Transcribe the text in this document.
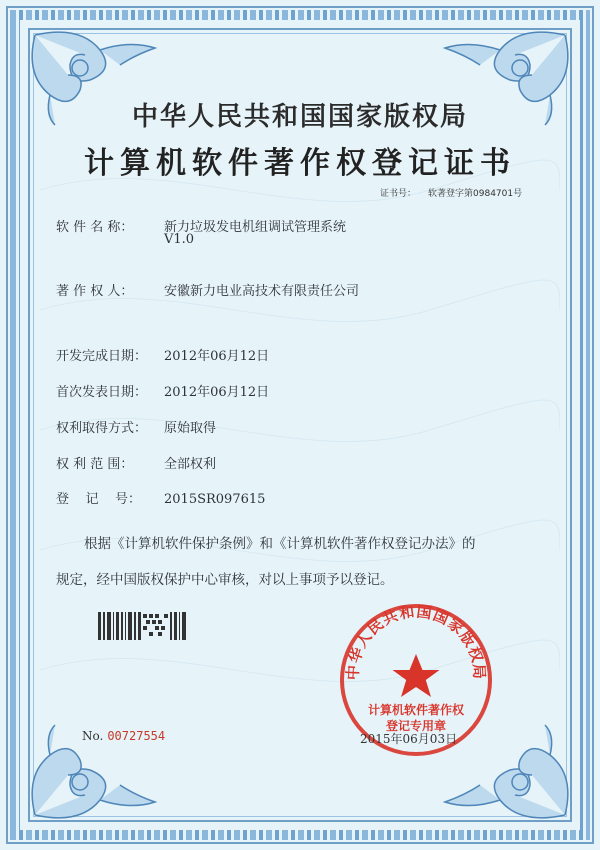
中华人民共和国国家版权局
计算机软件著作权登记证书
证书号： 软著登字第0984701号
软 件 名 称： 新力垃圾发电机组调试管理系统
V1.0
著 作 权 人： 安徽新力电业高技术有限责任公司
开发完成日期： 2012年06月12日
首次发表日期： 2012年06月12日
权利取得方式： 原始取得
权 利 范 围： 全部权利
登    记    号： 2015SR097615
根据《计算机软件保护条例》和《计算机软件著作权登记办法》的
规定，经中国版权保护中心审核，对以上事项予以登记。
中华人民共和国国家版权局
计算机软件著作权
登记专用章
No. 00727554	2015年06月03日
